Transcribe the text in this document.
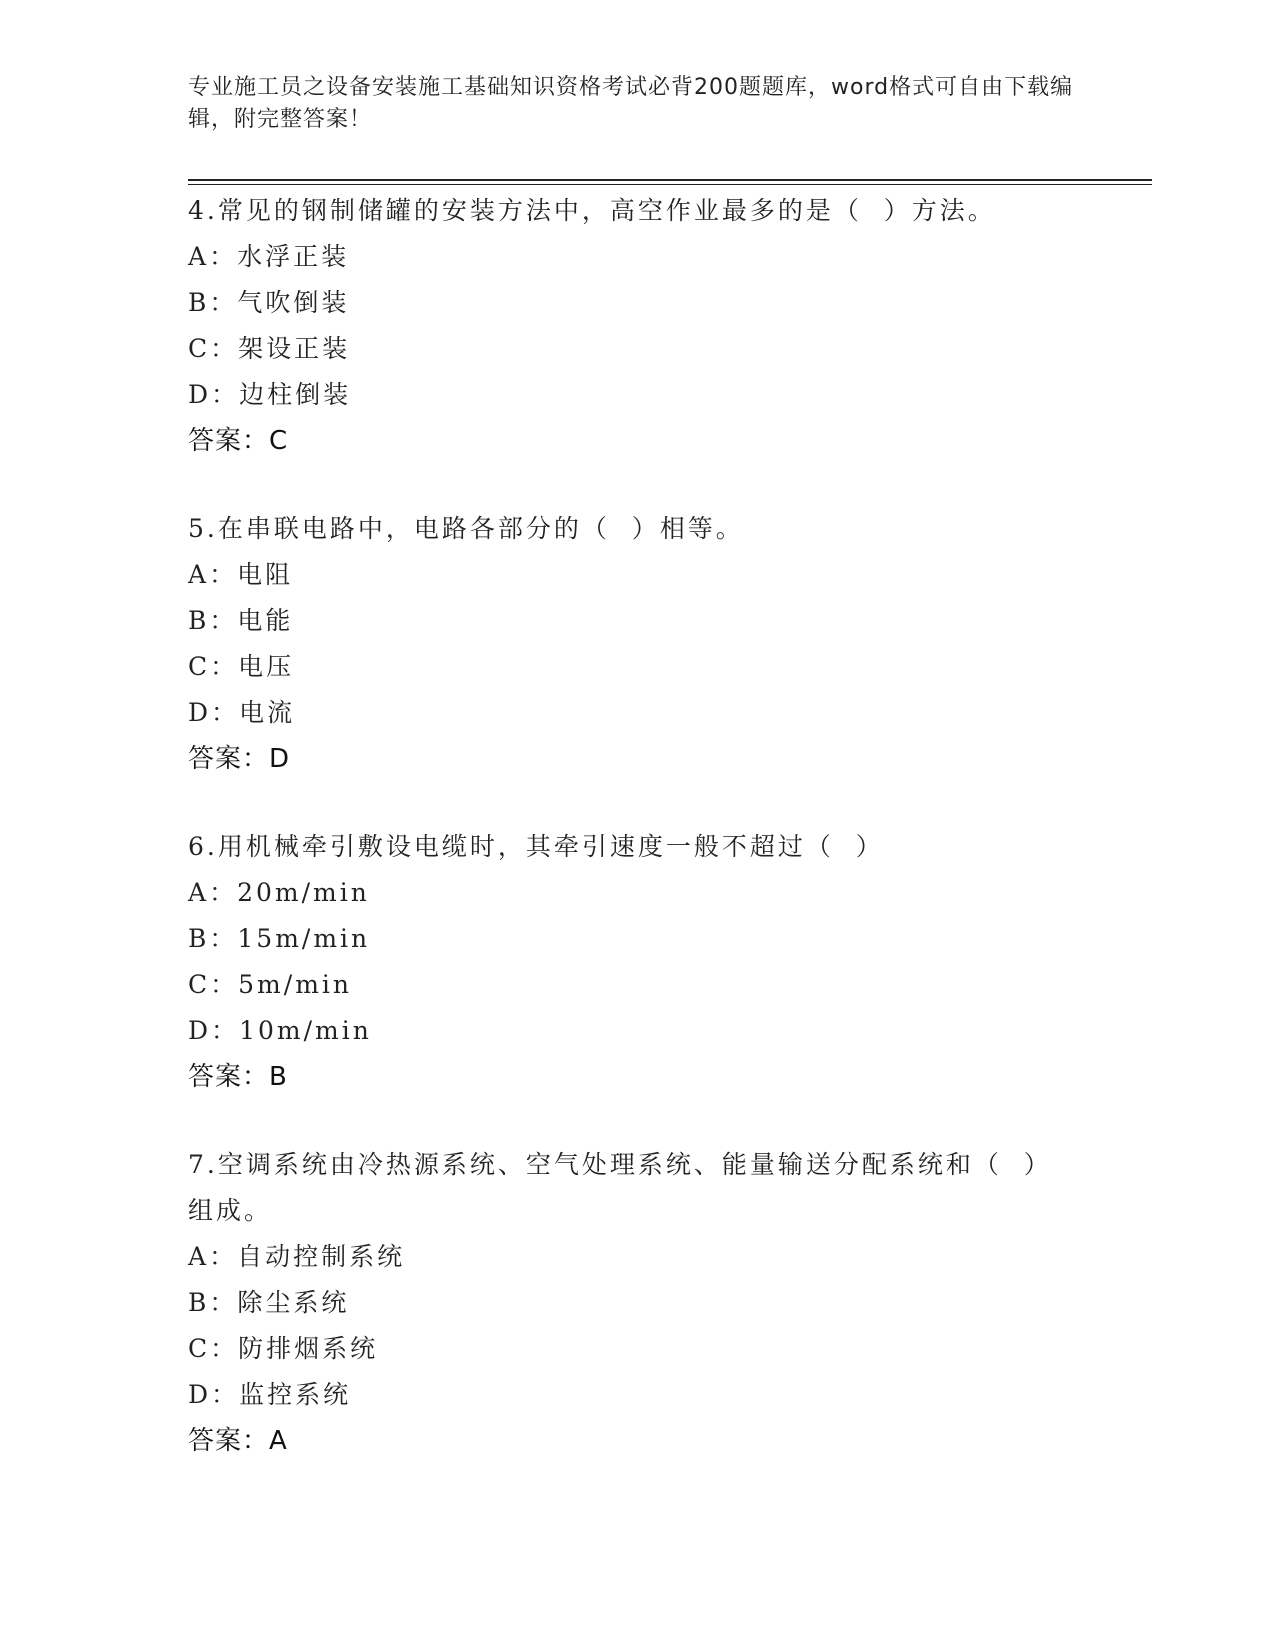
专业施工员之设备安装施工基础知识资格考试必背200题题库，word格式可自由下载编辑，附完整答案！

4.常见的钢制储罐的安装方法中，高空作业最多的是（  ）方法。

A：水浮正装
B：气吹倒装
C：架设正装
D：边柱倒装
答案：C

5.在串联电路中，电路各部分的（  ）相等。

A：电阻
B：电能
C：电压
D：电流
答案：D

6.用机械牵引敷设电缆时，其牵引速度一般不超过（  ）

A：20m/min
B：15m/min
C：5m/min
D：10m/min
答案：B

7.空调系统由冷热源系统、空气处理系统、能量输送分配系统和（  ）组成。

A：自动控制系统
B：除尘系统
C：防排烟系统
D：监控系统
答案：A
